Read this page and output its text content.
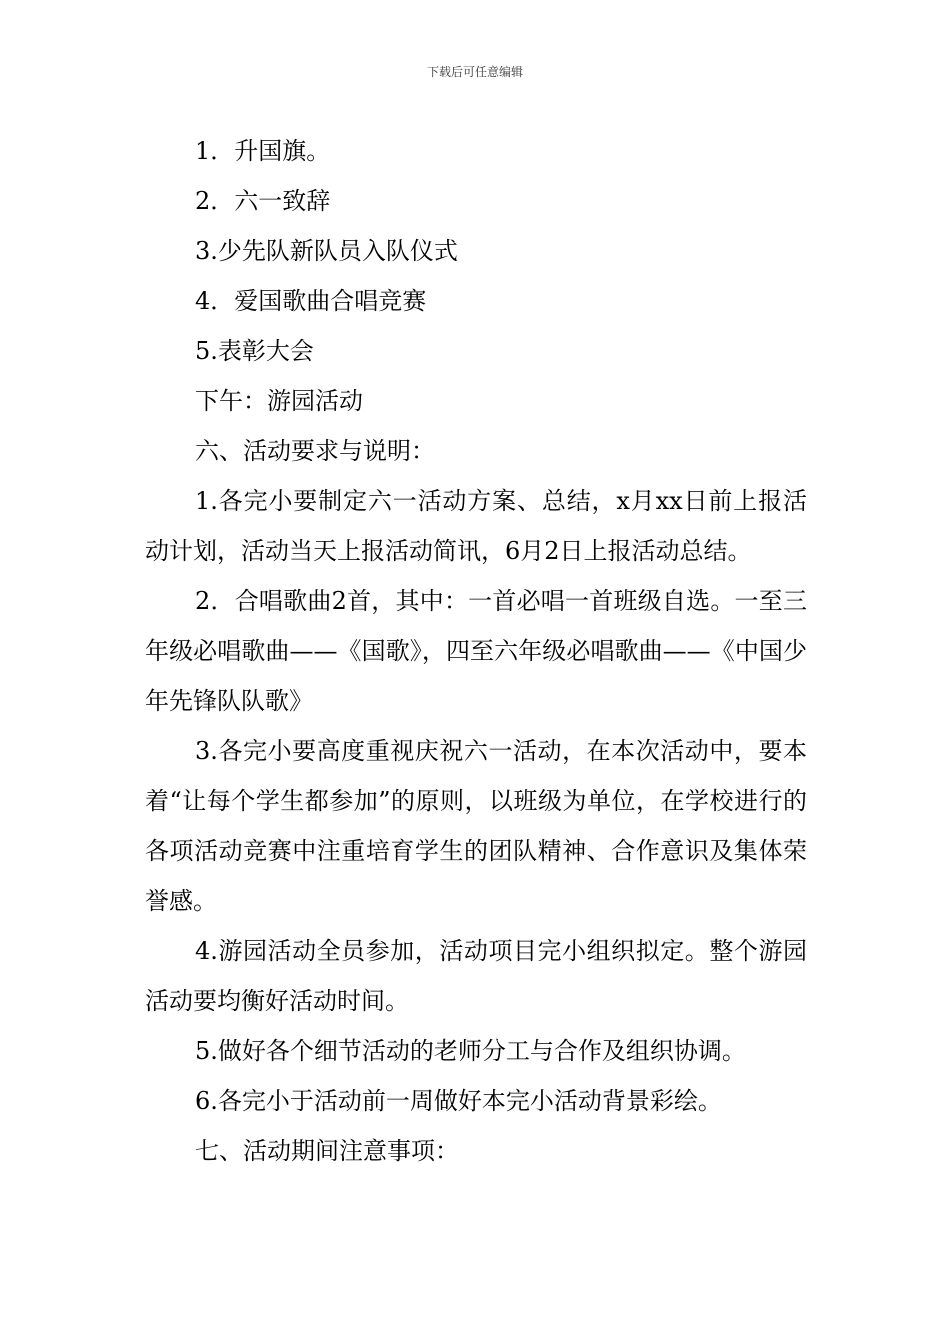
下载后可任意编辑

1．升国旗。

2．六一致辞

3.少先队新队员入队仪式

4．爱国歌曲合唱竞赛

5.表彰大会

下午：游园活动

六、活动要求与说明：

1.各完小要制定六一活动方案、总结，x月xx日前上报活动计划，活动当天上报活动简讯，6月2日上报活动总结。

2．合唱歌曲2首，其中：一首必唱一首班级自选。一至三年级必唱歌曲——《国歌》，四至六年级必唱歌曲——《中国少年先锋队队歌》

3.各完小要高度重视庆祝六一活动，在本次活动中，要本着“让每个学生都参加”的原则，以班级为单位，在学校进行的各项活动竞赛中注重培育学生的团队精神、合作意识及集体荣誉感。

4.游园活动全员参加，活动项目完小组织拟定。整个游园活动要均衡好活动时间。

5.做好各个细节活动的老师分工与合作及组织协调。

6.各完小于活动前一周做好本完小活动背景彩绘。

七、活动期间注意事项：
